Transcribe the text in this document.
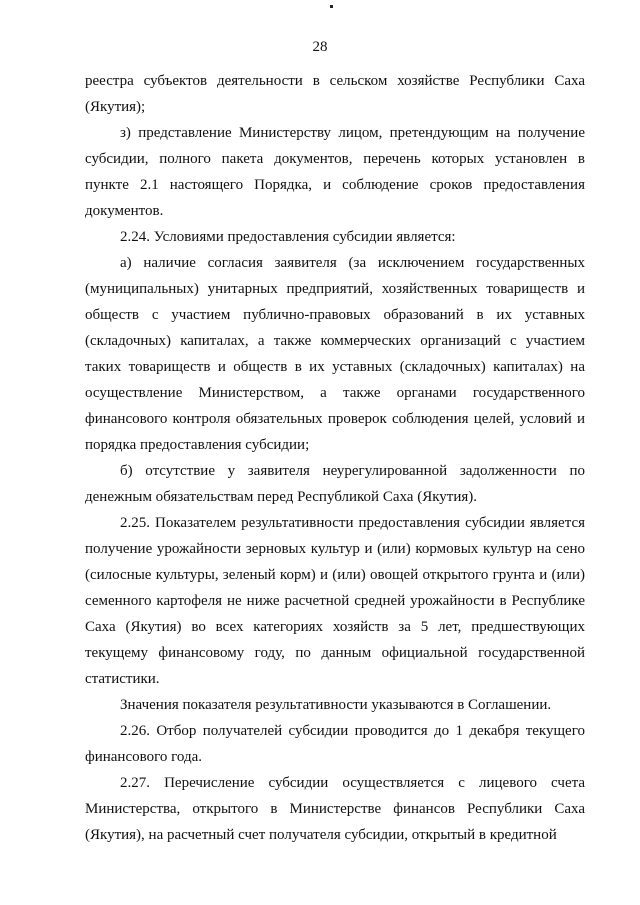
28
реестра субъектов деятельности в сельском хозяйстве Республики Саха
(Якутия);
з) представление Министерству лицом, претендующим на получение
субсидии, полного пакета документов, перечень которых установлен в
пункте 2.1 настоящего Порядка, и соблюдение сроков предоставления
документов.
2.24. Условиями предоставления субсидии является:
а) наличие согласия заявителя (за исключением государственных
(муниципальных) унитарных предприятий, хозяйственных товариществ и
обществ с участием публично-правовых образований в их уставных
(складочных) капиталах, а также коммерческих организаций с участием
таких товариществ и обществ в их уставных (складочных) капиталах) на
осуществление Министерством, а также органами государственного
финансового контроля обязательных проверок соблюдения целей, условий и
порядка предоставления субсидии;
б) отсутствие у заявителя неурегулированной задолженности по
денежным обязательствам перед Республикой Саха (Якутия).
2.25. Показателем результативности предоставления субсидии является
получение урожайности зерновых культур и (или) кормовых культур на сено
(силосные культуры, зеленый корм) и (или) овощей открытого грунта и (или)
семенного картофеля не ниже расчетной средней урожайности в Республике
Саха (Якутия) во всех категориях хозяйств за 5 лет, предшествующих
текущему финансовому году, по данным официальной государственной
статистики.
Значения показателя результативности указываются в Соглашении.
2.26. Отбор получателей субсидии проводится до 1 декабря текущего
финансового года.
2.27. Перечисление субсидии осуществляется с лицевого счета
Министерства, открытого в Министерстве финансов Республики Саха
(Якутия), на расчетный счет получателя субсидии, открытый в кредитной
